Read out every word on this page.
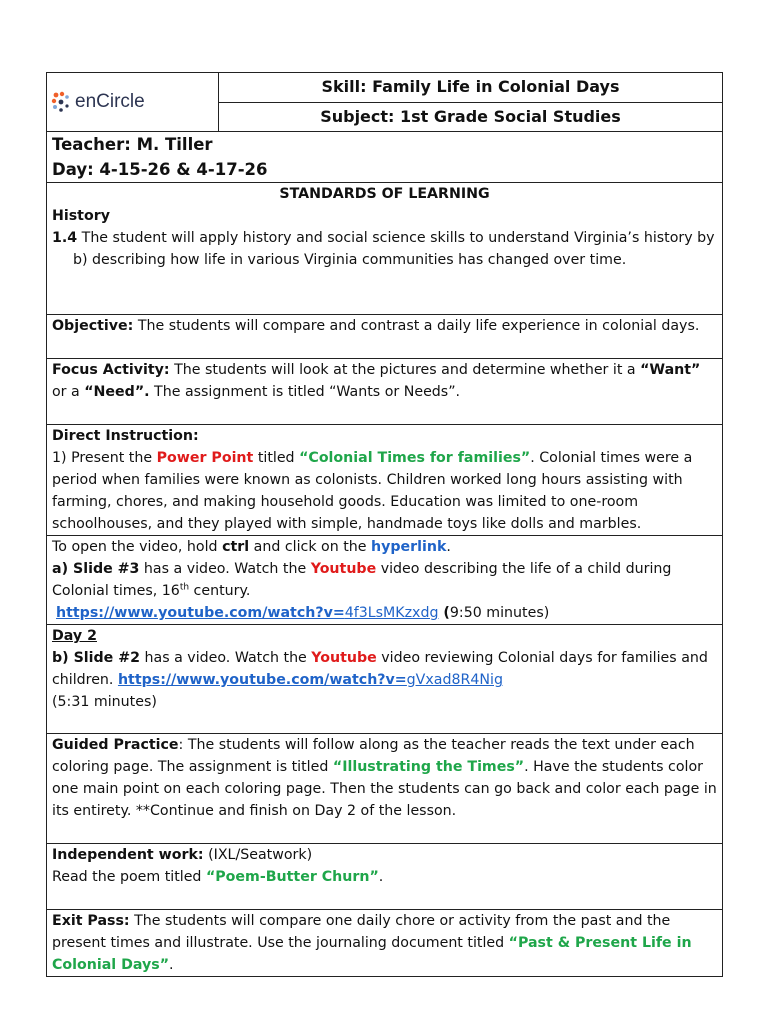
enCircle
	Skill: Family Life in Colonial Days
Subject: 1st Grade Social Studies

Teacher: M. Tiller
Day: 4-15-26 & 4-17-26

STANDARDS OF LEARNING
History
1.4 The student will apply history and social science skills to understand Virginia’s history by
b) describing how life in various Virginia communities has changed over time.

Objective: The students will compare and contrast a daily life experience in colonial days.
Focus Activity: The students will look at the pictures and determine whether it a “Want” or a “Need”. The assignment is titled “Wants or Needs”.

Direct Instruction:
1) Present the Power Point titled “Colonial Times for families”. Colonial times were a period when families were known as colonists. Children worked long hours assisting with farming, chores, and making household goods. Education was limited to one-room schoolhouses, and they played with simple, handmade toys like dolls and marbles.

To open the video, hold ctrl and click on the hyperlink.
a) Slide #3 has a video. Watch the Youtube video describing the life of a child during Colonial times, 16th century.
https://www.youtube.com/watch?v=4f3LsMKzxdg (9:50 minutes)

Day 2
b) Slide #2 has a video. Watch the Youtube video reviewing Colonial days for families and children. https://www.youtube.com/watch?v=gVxad8R4Nig
(5:31 minutes)

Guided Practice: The students will follow along as the teacher reads the text under each coloring page. The assignment is titled “Illustrating the Times”. Have the students color one main point on each coloring page. Then the students can go back and color each page in its entirety. **Continue and finish on Day 2 of the lesson.

Independent work: (IXL/Seatwork)
Read the poem titled “Poem-Butter Churn”.

Exit Pass: The students will compare one daily chore or activity from the past and the present times and illustrate. Use the journaling document titled “Past & Present Life in Colonial Days”.
